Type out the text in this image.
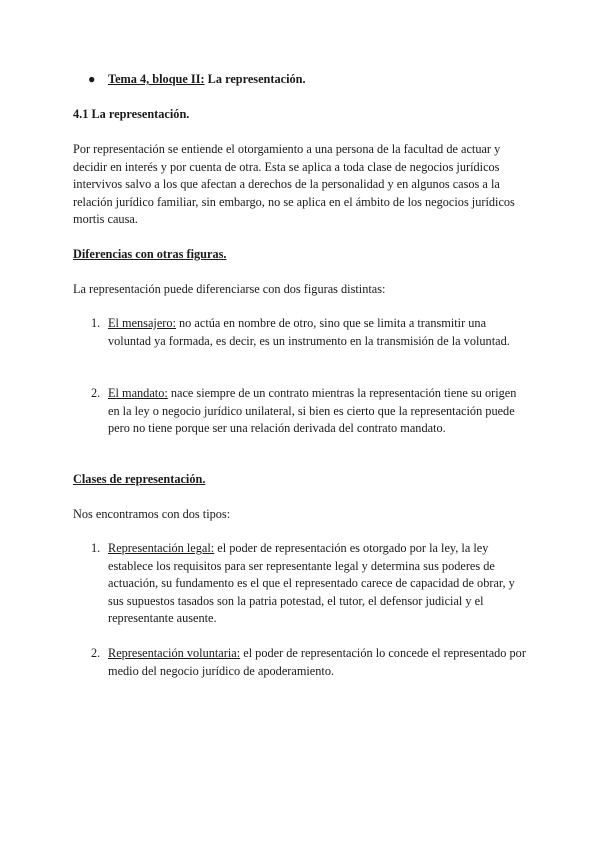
● Tema 4, bloque II: La representación.
4.1 La representación.

Por representación se entiende el otorgamiento a una persona de la facultad de actuar y decidir en interés y por cuenta de otra. Esta se aplica a toda clase de negocios jurídicos intervivos salvo a los que afectan a derechos de la personalidad y en algunos casos a la relación jurídico familiar, sin embargo, no se aplica en el ámbito de los negocios jurídicos mortis causa.

Diferencias con otras figuras.
La representación puede diferenciarse con dos figuras distintas:
1. El mensajero: no actúa en nombre de otro, sino que se limita a transmitir una voluntad ya formada, es decir, es un instrumento en la transmisión de la voluntad.
2. El mandato: nace siempre de un contrato mientras la representación tiene su origen en la ley o negocio jurídico unilateral, si bien es cierto que la representación puede pero no tiene porque ser una relación derivada del contrato mandato.
Clases de representación.
Nos encontramos con dos tipos:
1. Representación legal: el poder de representación es otorgado por la ley, la ley establece los requisitos para ser representante legal y determina sus poderes de actuación, su fundamento es el que el representado carece de capacidad de obrar, y sus supuestos tasados son la patria potestad, el tutor, el defensor judicial y el representante ausente.
2. Representación voluntaria: el poder de representación lo concede el representado por medio del negocio jurídico de apoderamiento.
